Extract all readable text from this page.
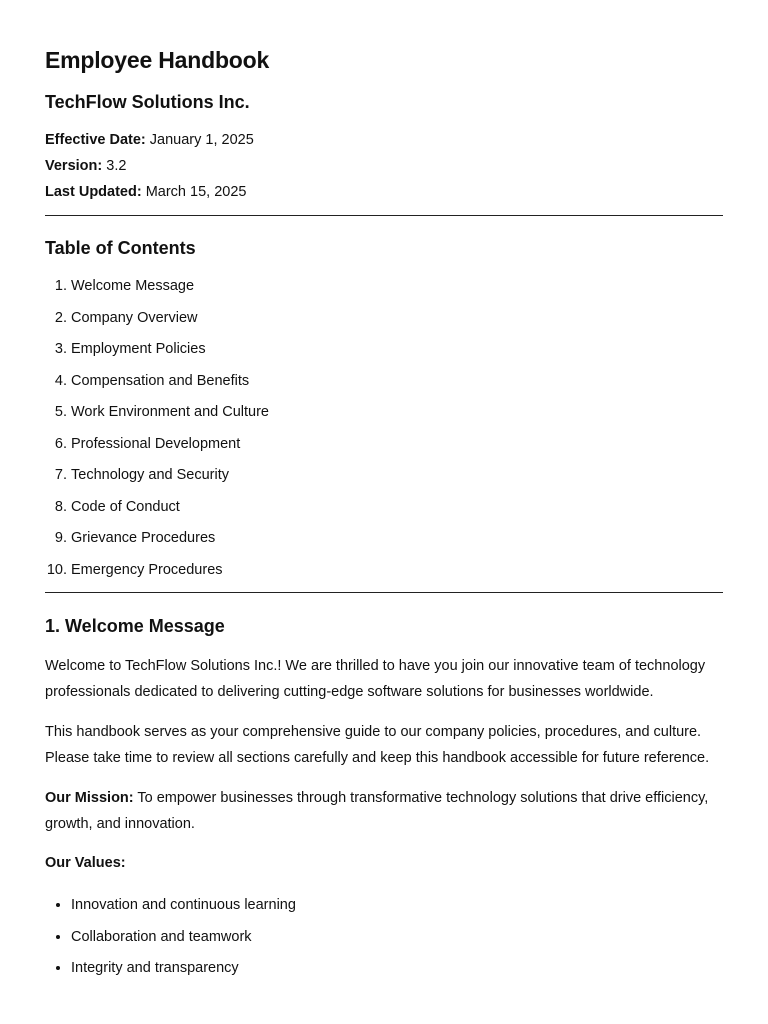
Employee Handbook
TechFlow Solutions Inc.
Effective Date: January 1, 2025
Version: 3.2
Last Updated: March 15, 2025
Table of Contents
1. Welcome Message
2. Company Overview
3. Employment Policies
4. Compensation and Benefits
5. Work Environment and Culture
6. Professional Development
7. Technology and Security
8. Code of Conduct
9. Grievance Procedures
10. Emergency Procedures
1. Welcome Message

Welcome to TechFlow Solutions Inc.! We are thrilled to have you join our innovative team of technology professionals dedicated to delivering cutting-edge software solutions for businesses worldwide.

This handbook serves as your comprehensive guide to our company policies, procedures, and culture. Please take time to review all sections carefully and keep this handbook accessible for future reference.

Our Mission: To empower businesses through transformative technology solutions that drive efficiency, growth, and innovation.

Our Values:

• Innovation and continuous learning
• Collaboration and teamwork
• Integrity and transparency
